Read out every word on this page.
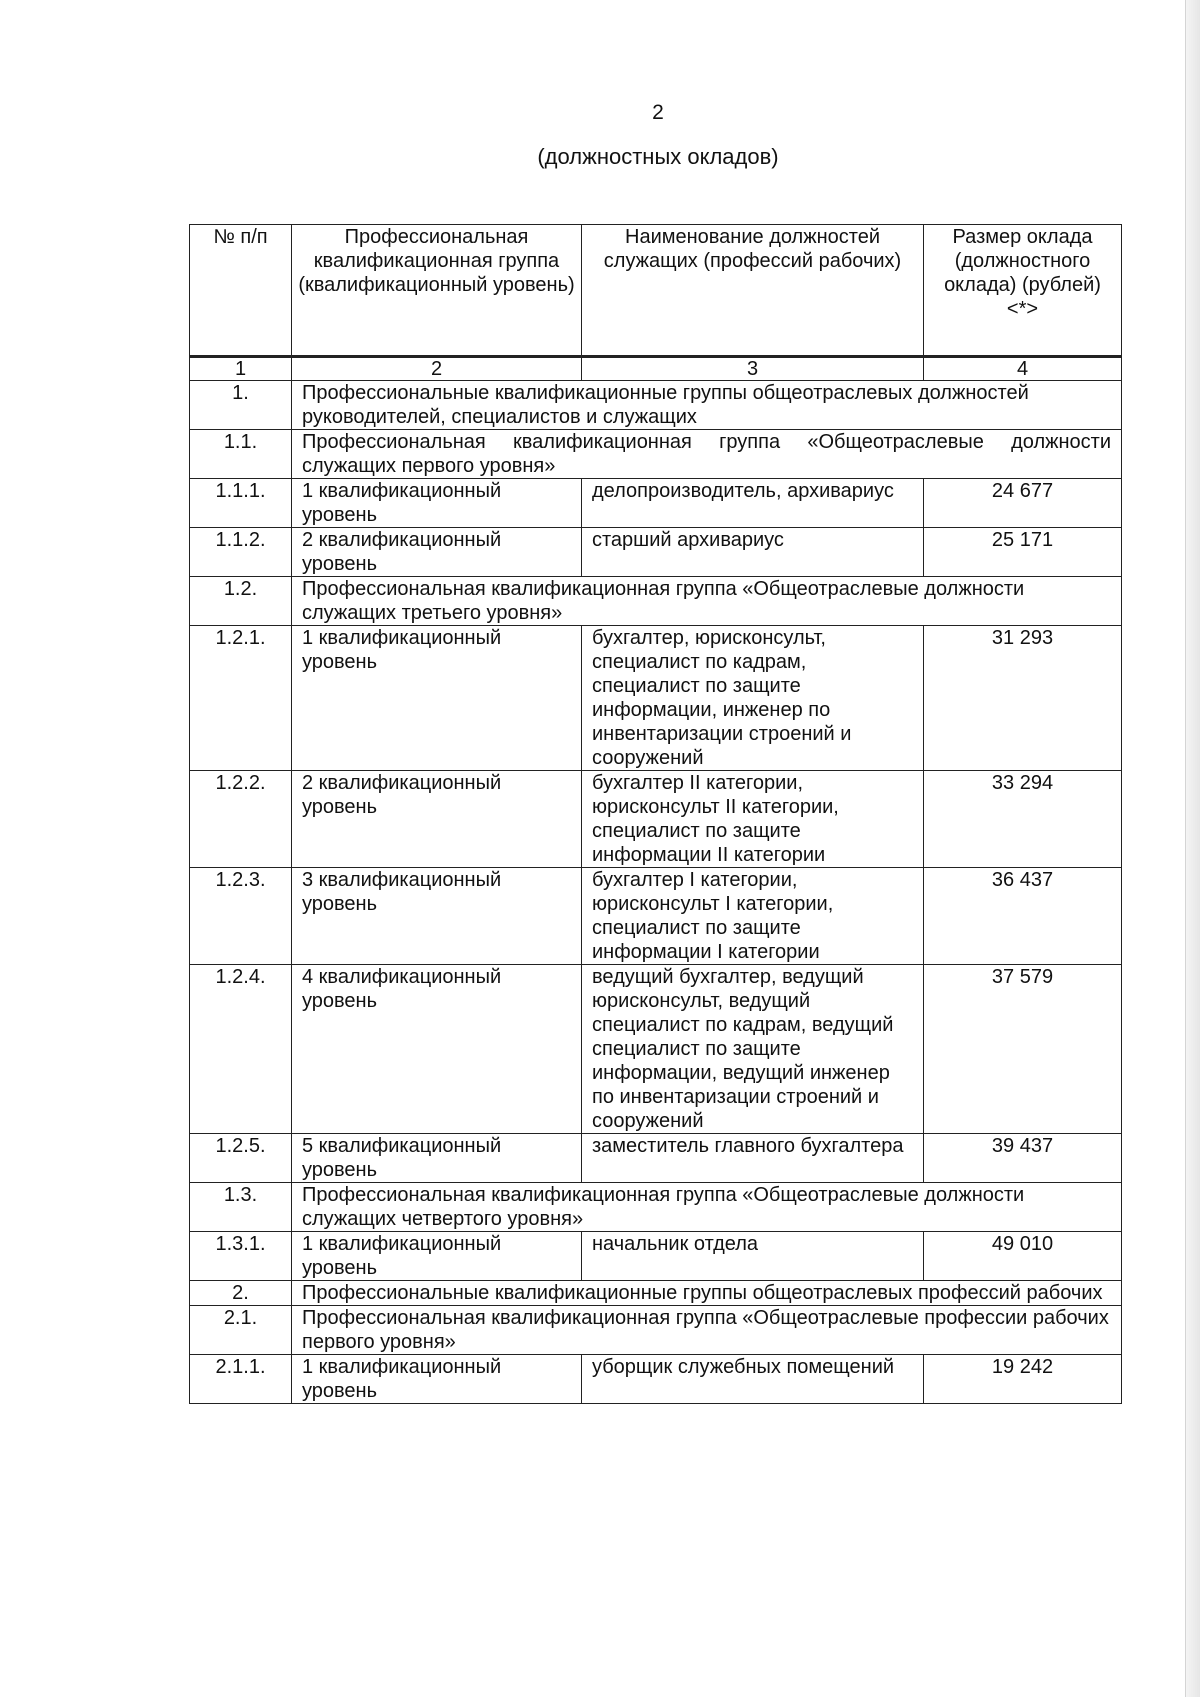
2
(должностных окладов)
№ п/п	Профессиональная квалификационная группа (квалификационный уровень)	Наименование должностей служащих (профессий рабочих)	Размер оклада (должностного оклада) (рублей) <*>
1	2	3	4
1.	Профессиональные квалификационные группы общеотраслевых должностей руководителей, специалистов и служащих		
1.1.	Профессиональная квалификационная группа «Общеотраслевые должности служащих первого уровня»		
1.1.1.	1 квалификационный уровень	делопроизводитель, архивариус	24 677
1.1.2.	2 квалификационный уровень	старший архивариус	25 171
1.2.	Профессиональная квалификационная группа «Общеотраслевые должности служащих третьего уровня»		
1.2.1.	1 квалификационный уровень	бухгалтер, юрисконсульт, специалист по кадрам, специалист по защите информации, инженер по инвентаризации строений и сооружений	31 293
1.2.2.	2 квалификационный уровень	бухгалтер II категории, юрисконсульт II категории, специалист по защите информации II категории	33 294
1.2.3.	3 квалификационный уровень	бухгалтер I категории, юрисконсульт I категории, специалист по защите информации I категории	36 437
1.2.4.	4 квалификационный уровень	ведущий бухгалтер, ведущий юрисконсульт, ведущий специалист по кадрам, ведущий специалист по защите информации, ведущий инженер по инвентаризации строений и сооружений	37 579
1.2.5.	5 квалификационный уровень	заместитель главного бухгалтера	39 437
1.3.	Профессиональная квалификационная группа «Общеотраслевые должности служащих четвертого уровня»		
1.3.1.	1 квалификационный уровень	начальник отдела	49 010
2.	Профессиональные квалификационные группы общеотраслевых профессий рабочих		
2.1.	Профессиональная квалификационная группа «Общеотраслевые профессии рабочих первого уровня»		
2.1.1.	1 квалификационный уровень	уборщик служебных помещений	19 242
